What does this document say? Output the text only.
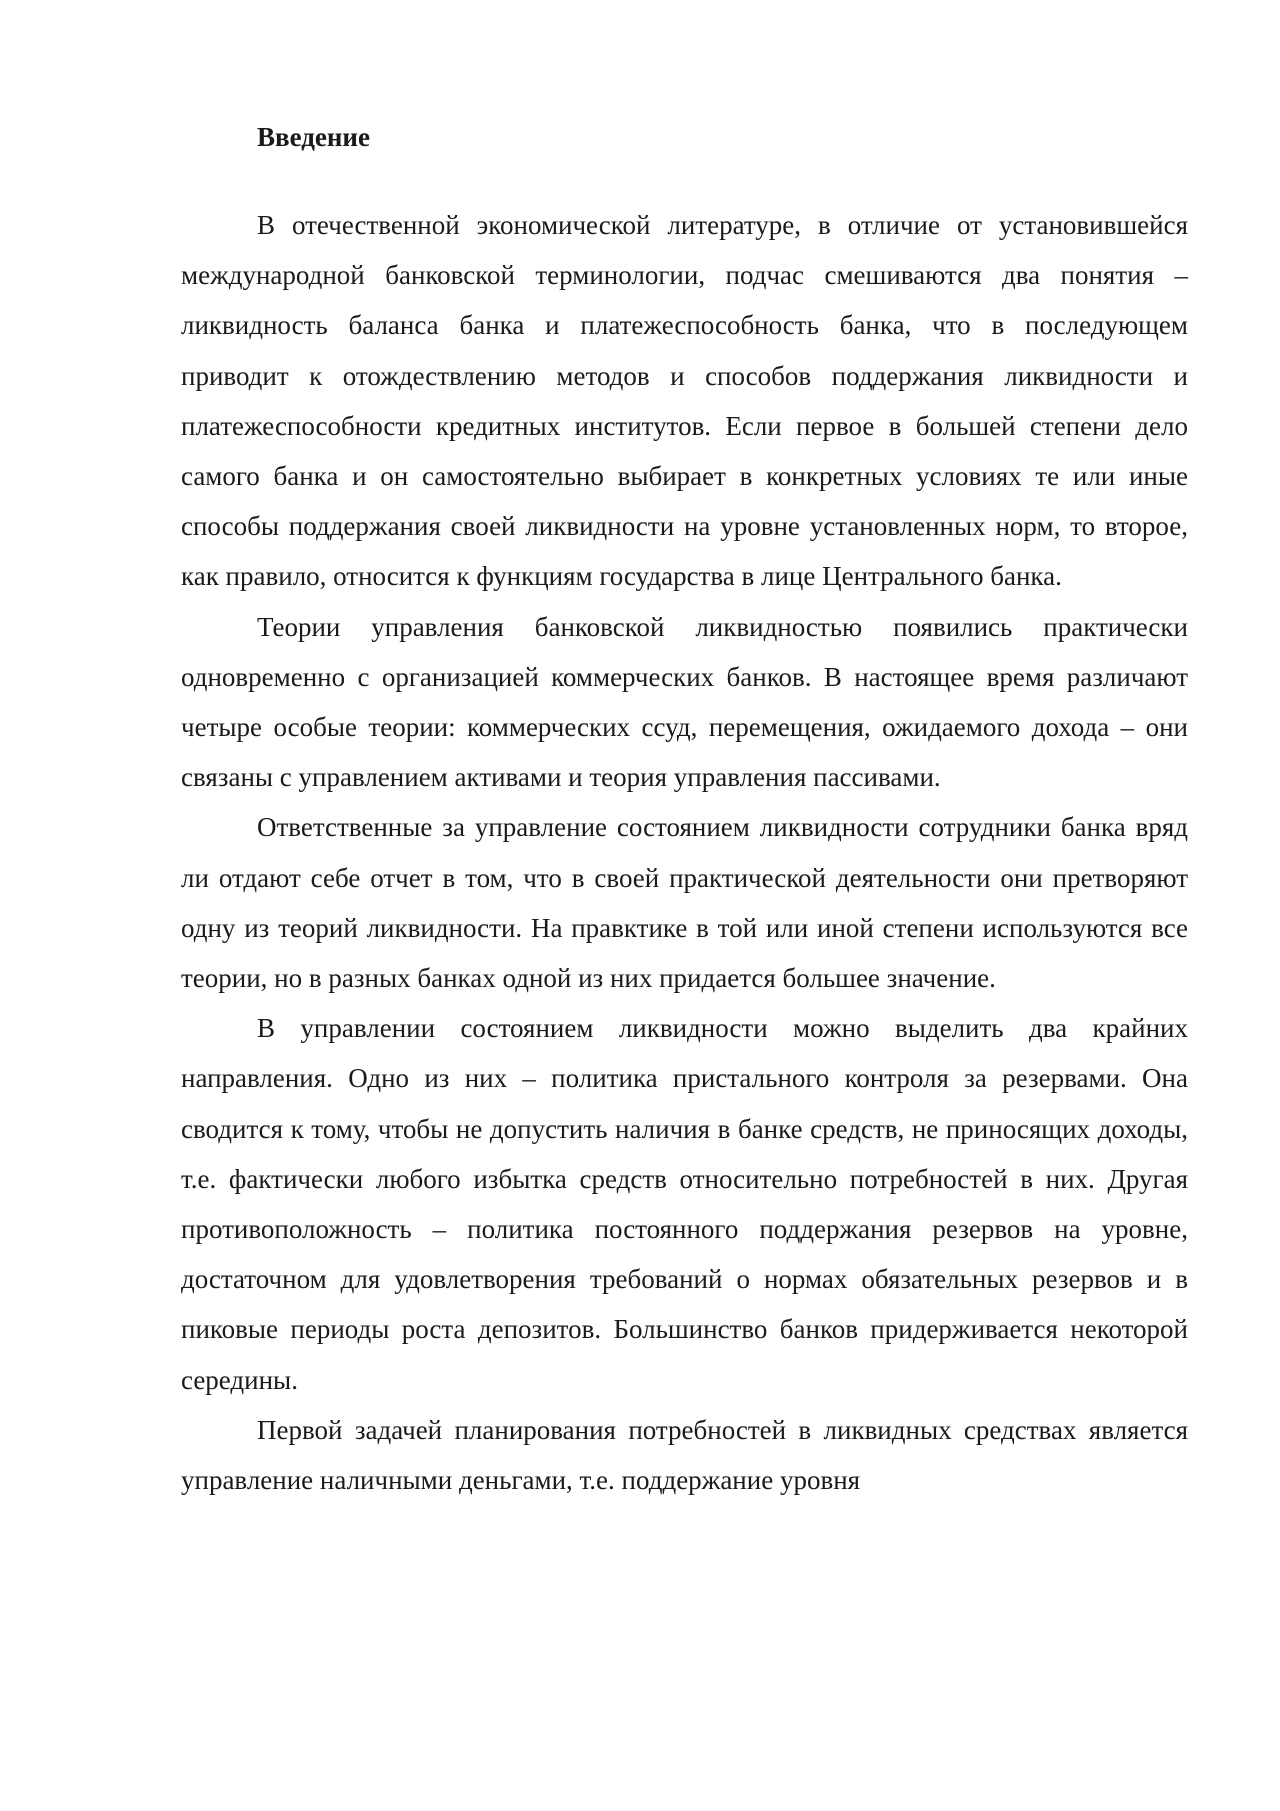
Введение

В отечественной экономической литературе, в отличие от установившейся международной банковской терминологии, подчас смешиваются два понятия – ликвидность баланса банка и платежеспособность банка, что в последующем приводит к отождествлению методов и способов поддержания ликвидности и платежеспособности кредитных институтов. Если первое в большей степени дело самого банка и он самостоятельно выбирает в конкретных условиях те или иные способы поддержания своей ликвидности на уровне установленных норм, то второе, как правило, относится к функциям государства в лице Центрального банка.

Теории управления банковской ликвидностью появились практически одновременно с организацией коммерческих банков. В настоящее время различают четыре особые теории: коммерческих ссуд, перемещения, ожидаемого дохода – они связаны с управлением активами и теория управления пассивами.

Ответственные за управление состоянием ликвидности сотрудники банка вряд ли отдают себе отчет в том, что в своей практической деятельности они претворяют одну из теорий ликвидности. На правктике в той или иной степени используются все теории, но в разных банках одной из них придается большее значение.

В управлении состоянием ликвидности можно выделить два крайних направления. Одно из них – политика пристального контроля за резервами. Она сводится к тому, чтобы не допустить наличия в банке средств, не приносящих доходы, т.е. фактически любого избытка средств относительно потребностей в них. Другая противоположность – политика постоянного поддержания резервов на уровне, достаточном для удовлетворения требований о нормах обязательных резервов и в пиковые периоды роста депозитов. Большинство банков придерживается некоторой середины.

Первой задачей планирования потребностей в ликвидных средствах является управление наличными деньгами, т.е. поддержание уровня
